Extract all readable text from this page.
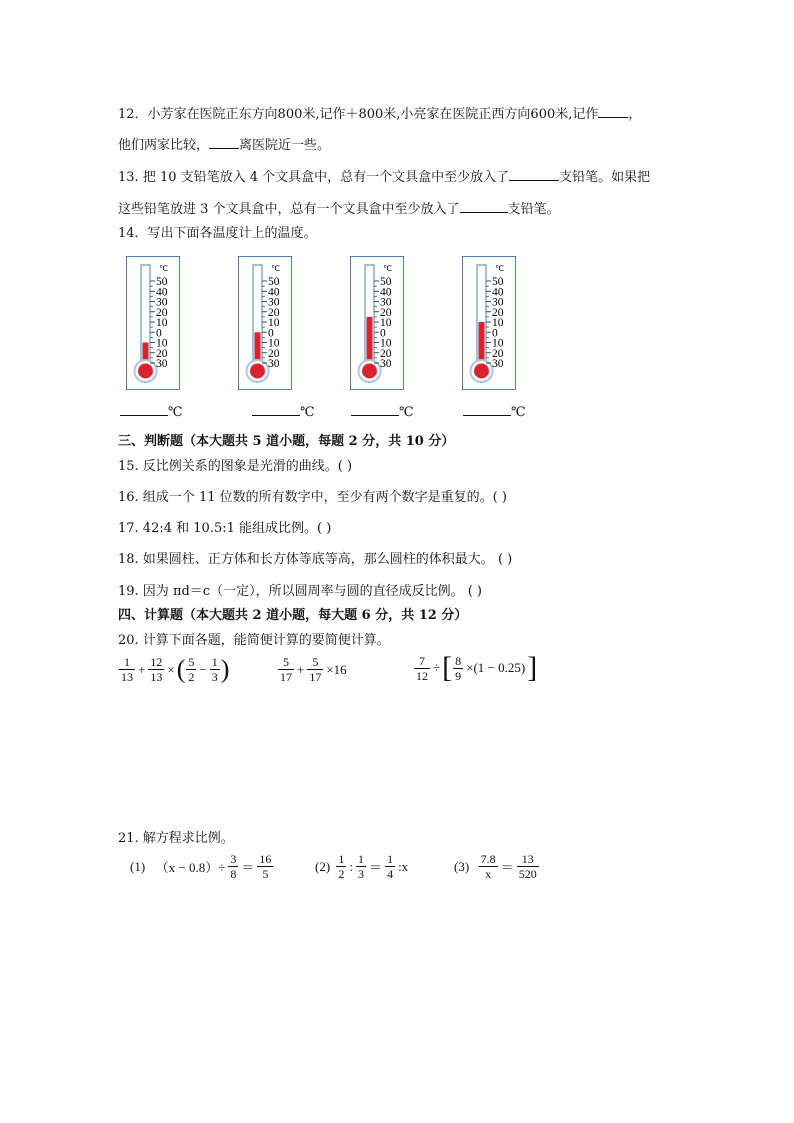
12．小芳家在医院正东方向800米,记作＋800米,小亮家在医院正西方向600米,记作 ，
他们两家比较， 离医院近一些。
13. 把 10 支铅笔放入 4 个文具盒中，总有一个文具盒中至少放入了	支铅笔。如果把
这些铅笔放进 3 个文具盒中，总有一个文具盒中至少放入了	支铅笔。
14．写出下面各温度计上的温度。
℃
50
40
30
20
10
0
10
20
30
℃
50
40
30
20
10
0
10
20
30
℃
50
40
30
20
10
0
10
20
30
℃
50
40
30
20
10
0
10
20
30
℃	℃	℃	℃
三、判断题（本大题共 5 道小题，每题 2 分，共 10 分）
15. 反比例关系的图象是光滑的曲线。( )
16. 组成一个 11 位数的所有数字中，至少有两个数字是重复的。( )
17. 42:4 和 10.5:1 能组成比例。( )
18. 如果圆柱、正方体和长方体等底等高，那么圆柱的体积最大。 ( )
19. 因为 πd＝c（一定），所以圆周率与圆的直径成反比例。 ( )
四、计算题（本大题共 2 道小题，每大题 6 分，共 12 分）
20. 计算下面各题，能简便计算的要简便计算。
$\frac{1}{13} + \frac{12}{13}$ ×( $\frac{5}{2} - \frac{1}{3}$ )	$\frac{5}{17} + \frac{5}{17} \times 16$	$\frac{7}{12}$ ÷[ $\frac{8}{9} \times(1 - 0.25)$]
21. 解方程求比例。
(1) $(x - 0.8)\div \frac{3}{8} = \frac{16}{5}$	$(2) \frac{1}{2}$ : $\frac{1}{3} = \frac{1}{4}$ :x	$(3) \frac{7.8}{x} = \frac{13}{520}$
